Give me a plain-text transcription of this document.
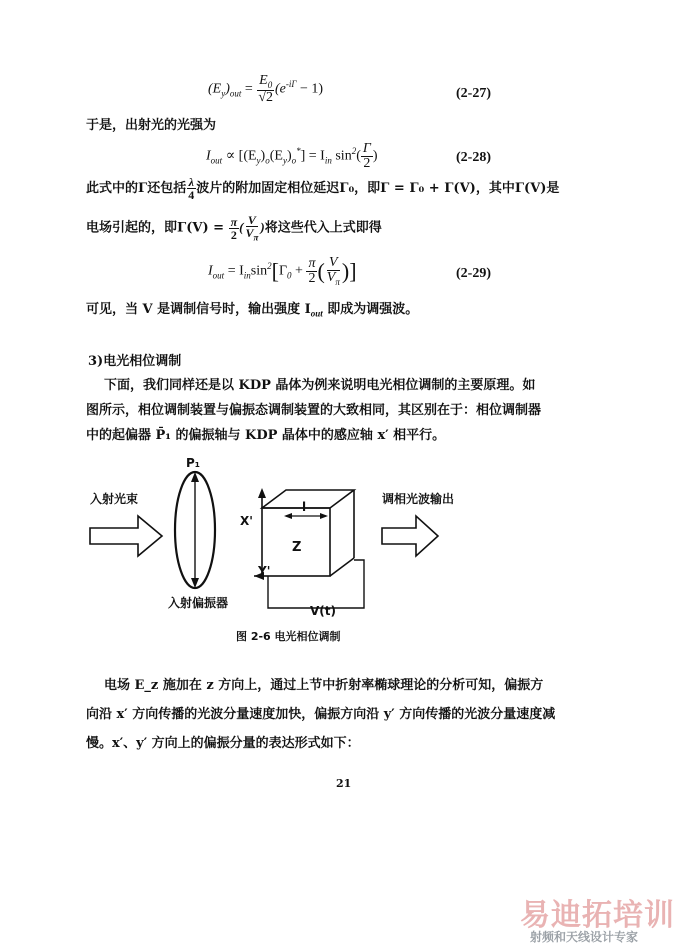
$(E_y)_{out} = \frac{E_0}{√2} (e^{-i\Gamma} - 1)$	(2-27)
于是，出射光的光强为
$I_{out} \propto [(E_y)_o(E_y)_o^*] = I_{in}$ $\sin^2( \frac{\Gamma}{2}$ )	(2-28)
此式中的Γ还包括 $\frac{\lambda}{4}$ 波片的附加固定相位延迟Γ₀，即Γ = Γ₀ + Γ(V)，其中Γ(V)是
电场引起的，即$\Gamma(V) = \frac{\pi}{2}$ ( $\frac{V}{V_\pi}$ )将这些代入上式即得
$I_{out} = I_{in}\sin^2[\Gamma_0 + \frac{\pi}{2}$ ( $\frac{V}{V_\pi}$ )]	(2-29)
可见，当 V 是调制信号时，输出强度 $I_{out}$ 即成为调强波。
3)电光相位调制
下面，我们同样还是以 KDP 晶体为例来说明电光相位调制的主要原理。如
图所示，相位调制装置与偏振态调制装置的大致相同，其区别在于：相位调制器
中的起偏器 P̄₁ 的偏振轴与 KDP 晶体中的感应轴 x′ 相平行。
入射光束	调相光波输出
P₁
入射偏振器
X'
Y'
l
Z
V(t)
图 2-6 电光相位调制
电场 E_z 施加在 z 方向上，通过上节中折射率椭球理论的分析可知，偏振方
向沿 x′ 方向传播的光波分量速度加快，偏振方向沿 y′ 方向传播的光波分量速度减
慢。x′、y′ 方向上的偏振分量的表达形式如下：
21
易迪拓培训
射频和天线设计专家
